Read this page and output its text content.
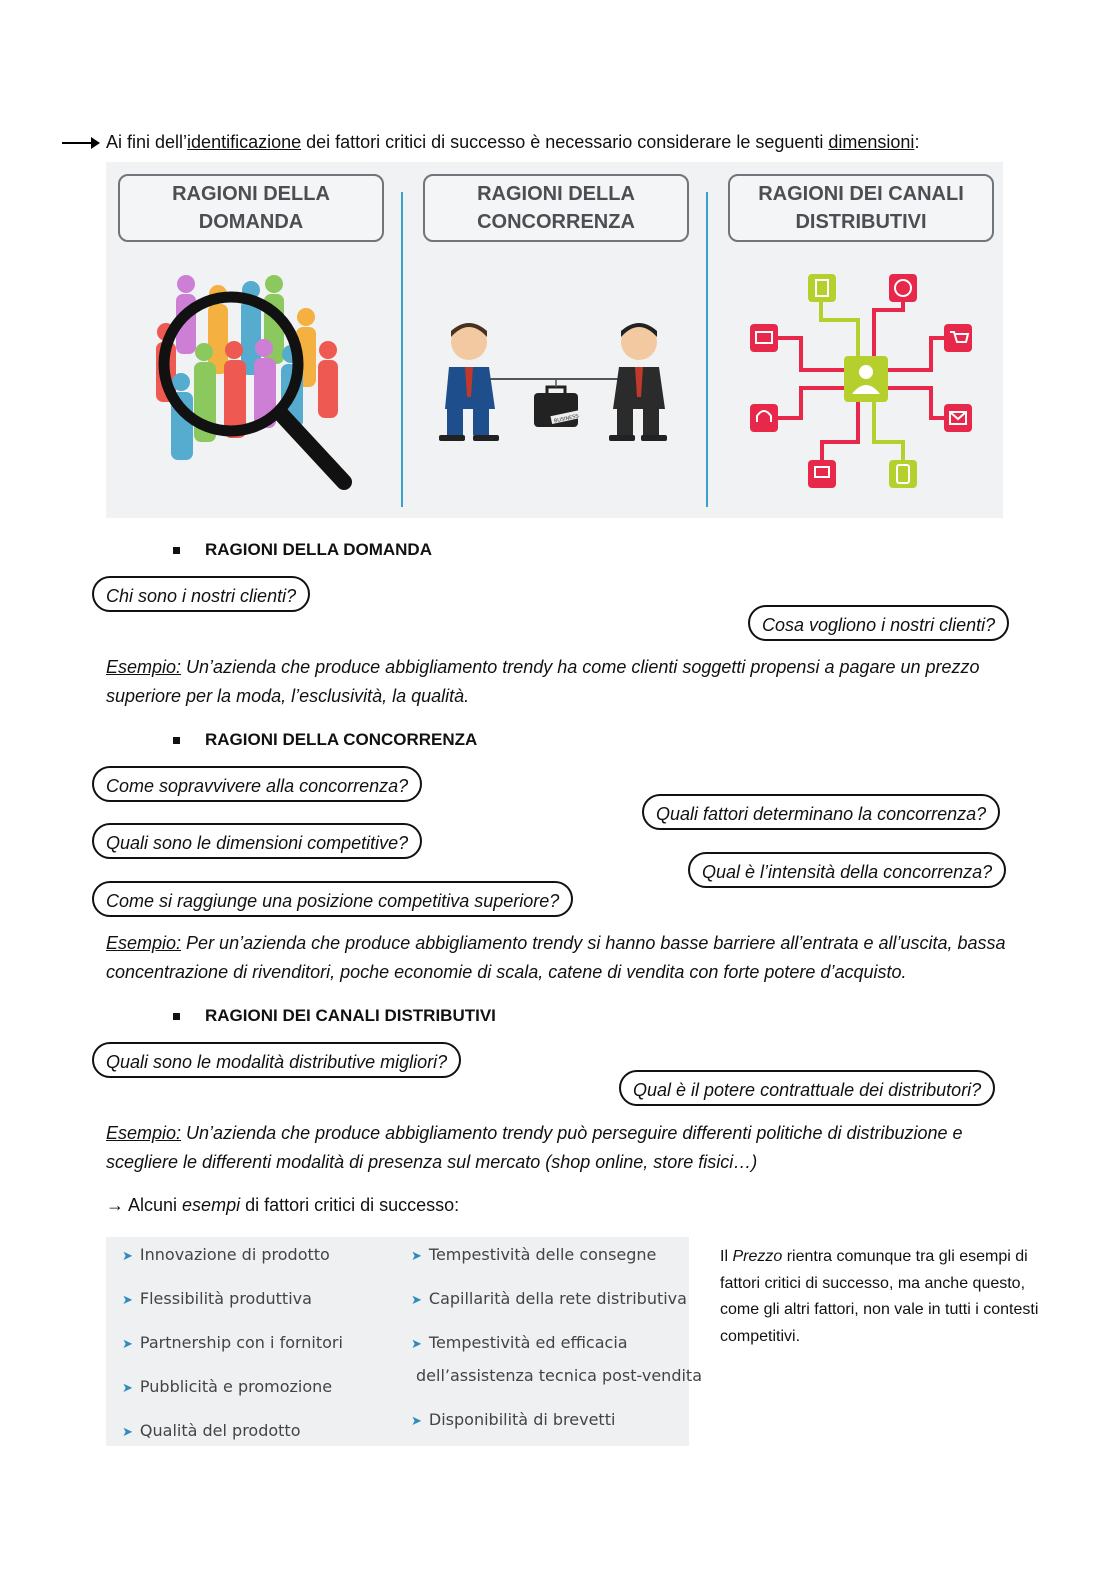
Ai fini dell’identificazione dei fattori critici di successo è necessario considerare le seguenti dimensioni:
RAGIONI DELLA
DOMANDA
RAGIONI DELLA
CONCORRENZA
RAGIONI DEI CANALI
DISTRIBUTIVI
BUSINESS
RAGIONI DELLA DOMANDA
Chi sono i nostri clienti?
Cosa vogliono i nostri clienti?
Esempio: Un’azienda che produce abbigliamento trendy ha come clienti soggetti propensi a pagare un prezzo superiore per la moda, l’esclusività, la qualità.
RAGIONI DELLA CONCORRENZA
Come sopravvivere alla concorrenza?
Quali fattori determinano la concorrenza?
Quali sono le dimensioni competitive?
Qual è l’intensità della concorrenza?
Come si raggiunge una posizione competitiva superiore?
Esempio: Per un’azienda che produce abbigliamento trendy si hanno basse barriere all’entrata e all’uscita, bassa concentrazione di rivenditori, poche economie di scala, catene di vendita con forte potere d’acquisto.
RAGIONI DEI CANALI DISTRIBUTIVI
Quali sono le modalità distributive migliori?
Qual è il potere contrattuale dei distributori?
Esempio: Un’azienda che produce abbigliamento trendy può perseguire differenti politiche di distribuzione e scegliere le differenti modalità di presenza sul mercato (shop online, store fisici…)
→ Alcuni esempi di fattori critici di successo:
➤ Innovazione di prodotto
➤ Flessibilità produttiva
➤ Partnership con i fornitori
➤ Pubblicità e promozione
➤ Qualità del prodotto
➤ Tempestività delle consegne
➤ Capillarità della rete distributiva
➤ Tempestività ed efficacia
dell’assistenza tecnica post-vendita
➤ Disponibilità di brevetti
Il Prezzo rientra comunque tra gli esempi di fattori critici di successo, ma anche questo, come gli altri fattori, non vale in tutti i contesti competitivi.
